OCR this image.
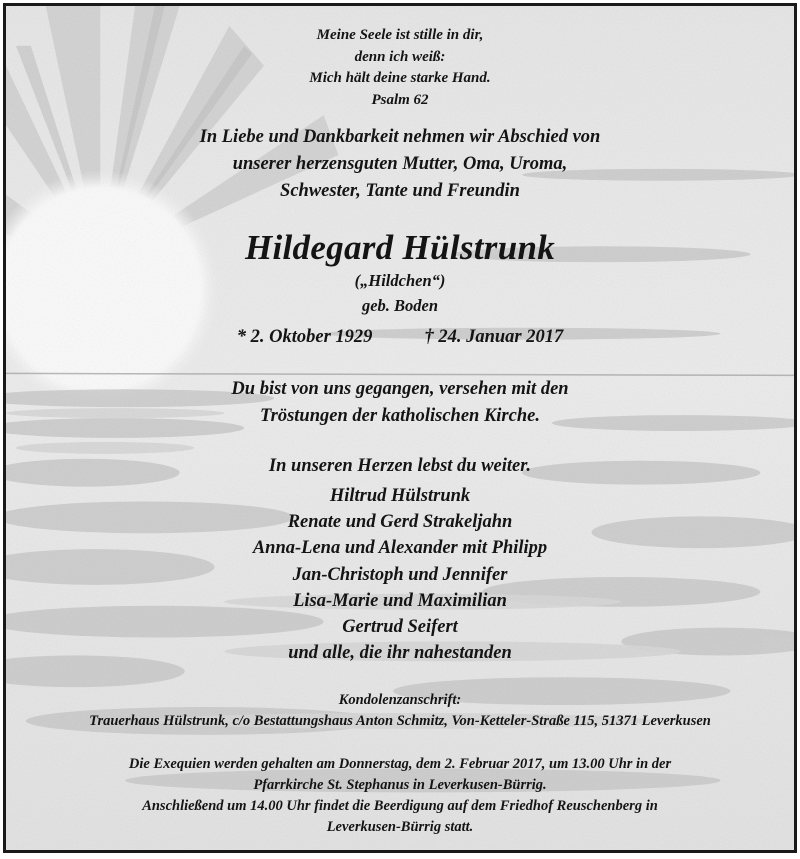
Meine Seele ist stille in dir,
denn ich weiß:
Mich hält deine starke Hand.
Psalm 62
In Liebe und Dankbarkeit nehmen wir Abschied von
unserer herzensguten Mutter, Oma, Uroma,
Schwester, Tante und Freundin
Hildegard Hülstrunk
(„Hildchen“)
geb. Boden
* 2. Oktober 1929	† 24. Januar 2017
Du bist von uns gegangen, versehen mit den
Tröstungen der katholischen Kirche.
In unseren Herzen lebst du weiter.
Hiltrud Hülstrunk
Renate und Gerd Strakeljahn
Anna-Lena und Alexander mit Philipp
Jan-Christoph und Jennifer
Lisa-Marie und Maximilian
Gertrud Seifert
und alle, die ihr nahestanden
Kondolenzanschrift:
Trauerhaus Hülstrunk, c/o Bestattungshaus Anton Schmitz, Von-Ketteler-Straße 115, 51371 Leverkusen
Die Exequien werden gehalten am Donnerstag, dem 2. Februar 2017, um 13.00 Uhr in der
Pfarrkirche St. Stephanus in Leverkusen-Bürrig.
Anschließend um 14.00 Uhr findet die Beerdigung auf dem Friedhof Reuschenberg in
Leverkusen-Bürrig statt.
